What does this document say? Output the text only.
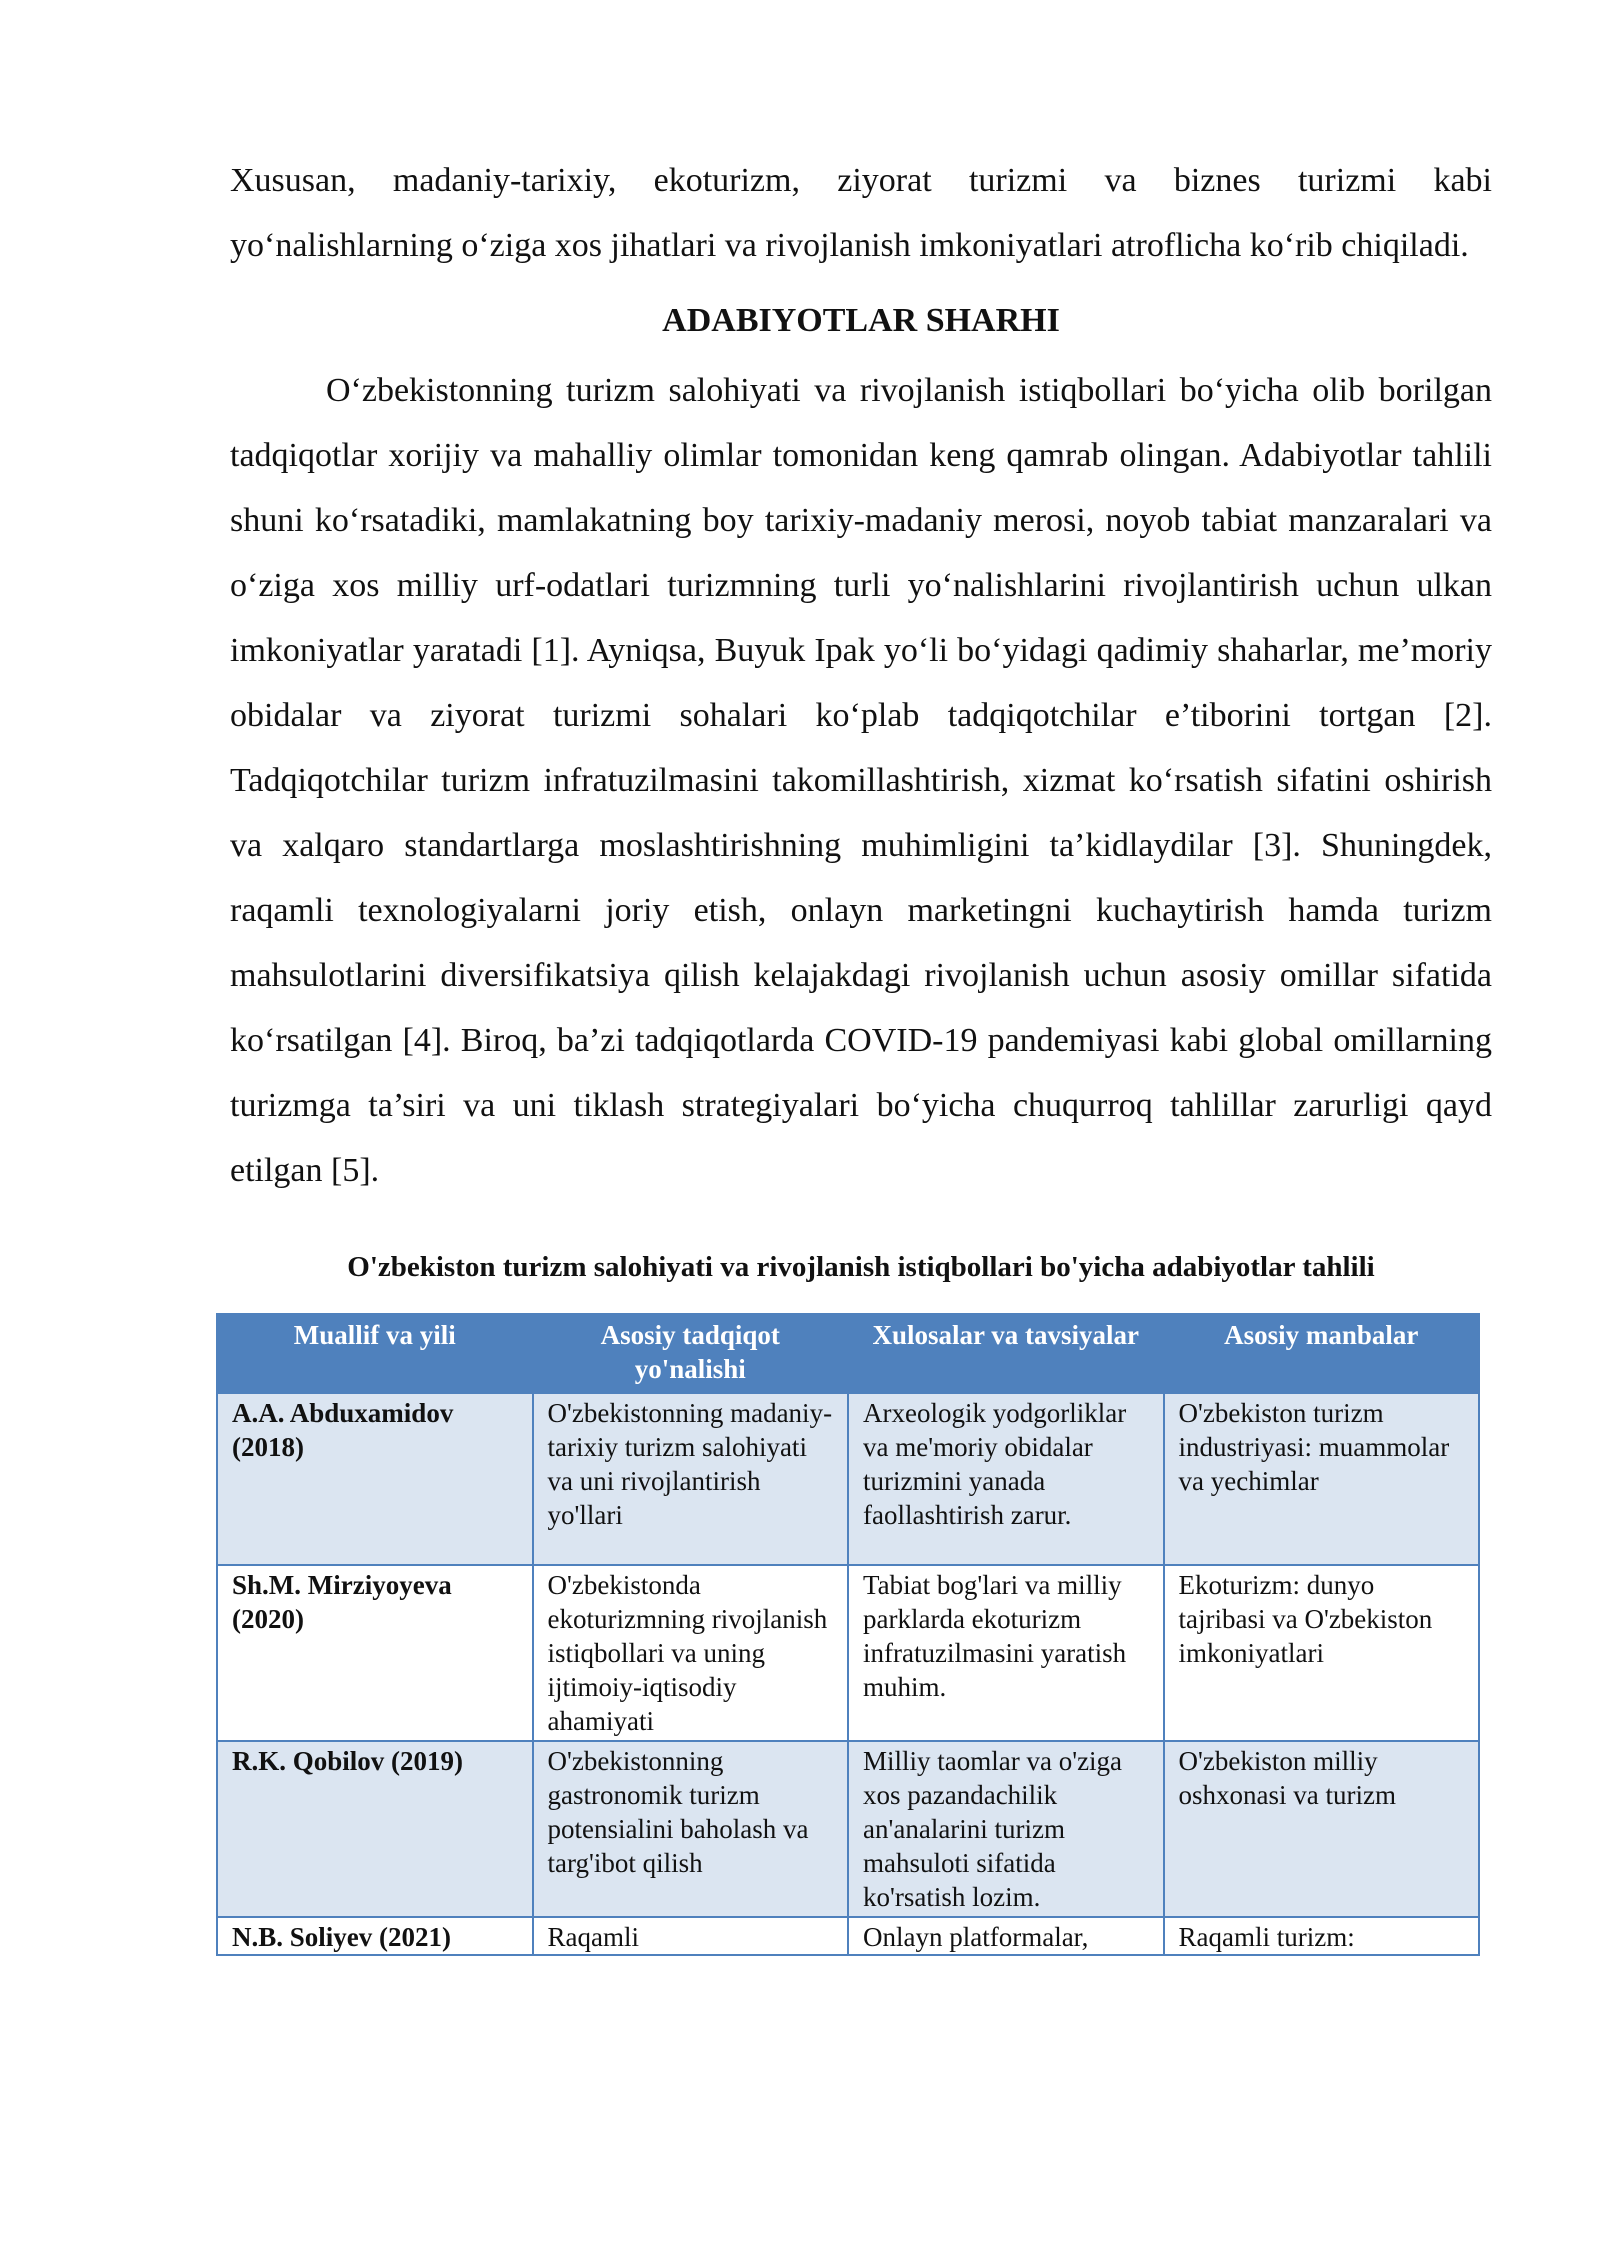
Xususan, madaniy-tarixiy, ekoturizm, ziyorat turizmi va biznes turizmi kabi yo‘nalishlarning o‘ziga xos jihatlari va rivojlanish imkoniyatlari atroflicha ko‘rib chiqiladi.

ADABIYOTLAR SHARHI

O‘zbekistonning turizm salohiyati va rivojlanish istiqbollari bo‘yicha olib borilgan tadqiqotlar xorijiy va mahalliy olimlar tomonidan keng qamrab olingan. Adabiyotlar tahlili shuni ko‘rsatadiki, mamlakatning boy tarixiy-madaniy merosi, noyob tabiat manzaralari va o‘ziga xos milliy urf-odatlari turizmning turli yo‘nalishlarini rivojlantirish uchun ulkan imkoniyatlar yaratadi [1]. Ayniqsa, Buyuk Ipak yo‘li bo‘yidagi qadimiy shaharlar, me’moriy obidalar va ziyorat turizmi sohalari ko‘plab tadqiqotchilar e’tiborini tortgan [2]. Tadqiqotchilar turizm infratuzilmasini takomillashtirish, xizmat ko‘rsatish sifatini oshirish va xalqaro standartlarga moslashtirishning muhimligini ta’kidlaydilar [3]. Shuningdek, raqamli texnologiyalarni joriy etish, onlayn marketingni kuchaytirish hamda turizm mahsulotlarini diversifikatsiya qilish kelajakdagi rivojlanish uchun asosiy omillar sifatida ko‘rsatilgan [4]. Biroq, ba’zi tadqiqotlarda COVID-19 pandemiyasi kabi global omillarning turizmga ta’siri va uni tiklash strategiyalari bo‘yicha chuqurroq tahlillar zarurligi qayd etilgan [5].

O'zbekiston turizm salohiyati va rivojlanish istiqbollari bo'yicha adabiyotlar tahlili
Muallif va yili	Asosiy tadqiqot yo'nalishi	Xulosalar va tavsiyalar	Asosiy manbalar
A.A. Abduxamidov (2018)	O'zbekistonning madaniy-tarixiy turizm salohiyati va uni rivojlantirish yo'llari	Arxeologik yodgorliklar va me'moriy obidalar turizmini yanada faollashtirish zarur.	O'zbekiston turizm industriyasi: muammolar va yechimlar
Sh.M. Mirziyoyeva (2020)	O'zbekistonda ekoturizmning rivojlanish istiqbollari va uning ijtimoiy-iqtisodiy ahamiyati	Tabiat bog'lari va milliy parklarda ekoturizm infratuzilmasini yaratish muhim.	Ekoturizm: dunyo tajribasi va O'zbekiston imkoniyatlari
R.K. Qobilov (2019)	O'zbekistonning gastronomik turizm potensialini baholash va targ'ibot qilish	Milliy taomlar va o'ziga xos pazandachilik an'analarini turizm mahsuloti sifatida ko'rsatish lozim.	O'zbekiston milliy oshxonasi va turizm
N.B. Soliyev (2021)	Raqamli	Onlayn platformalar,	Raqamli turizm:
